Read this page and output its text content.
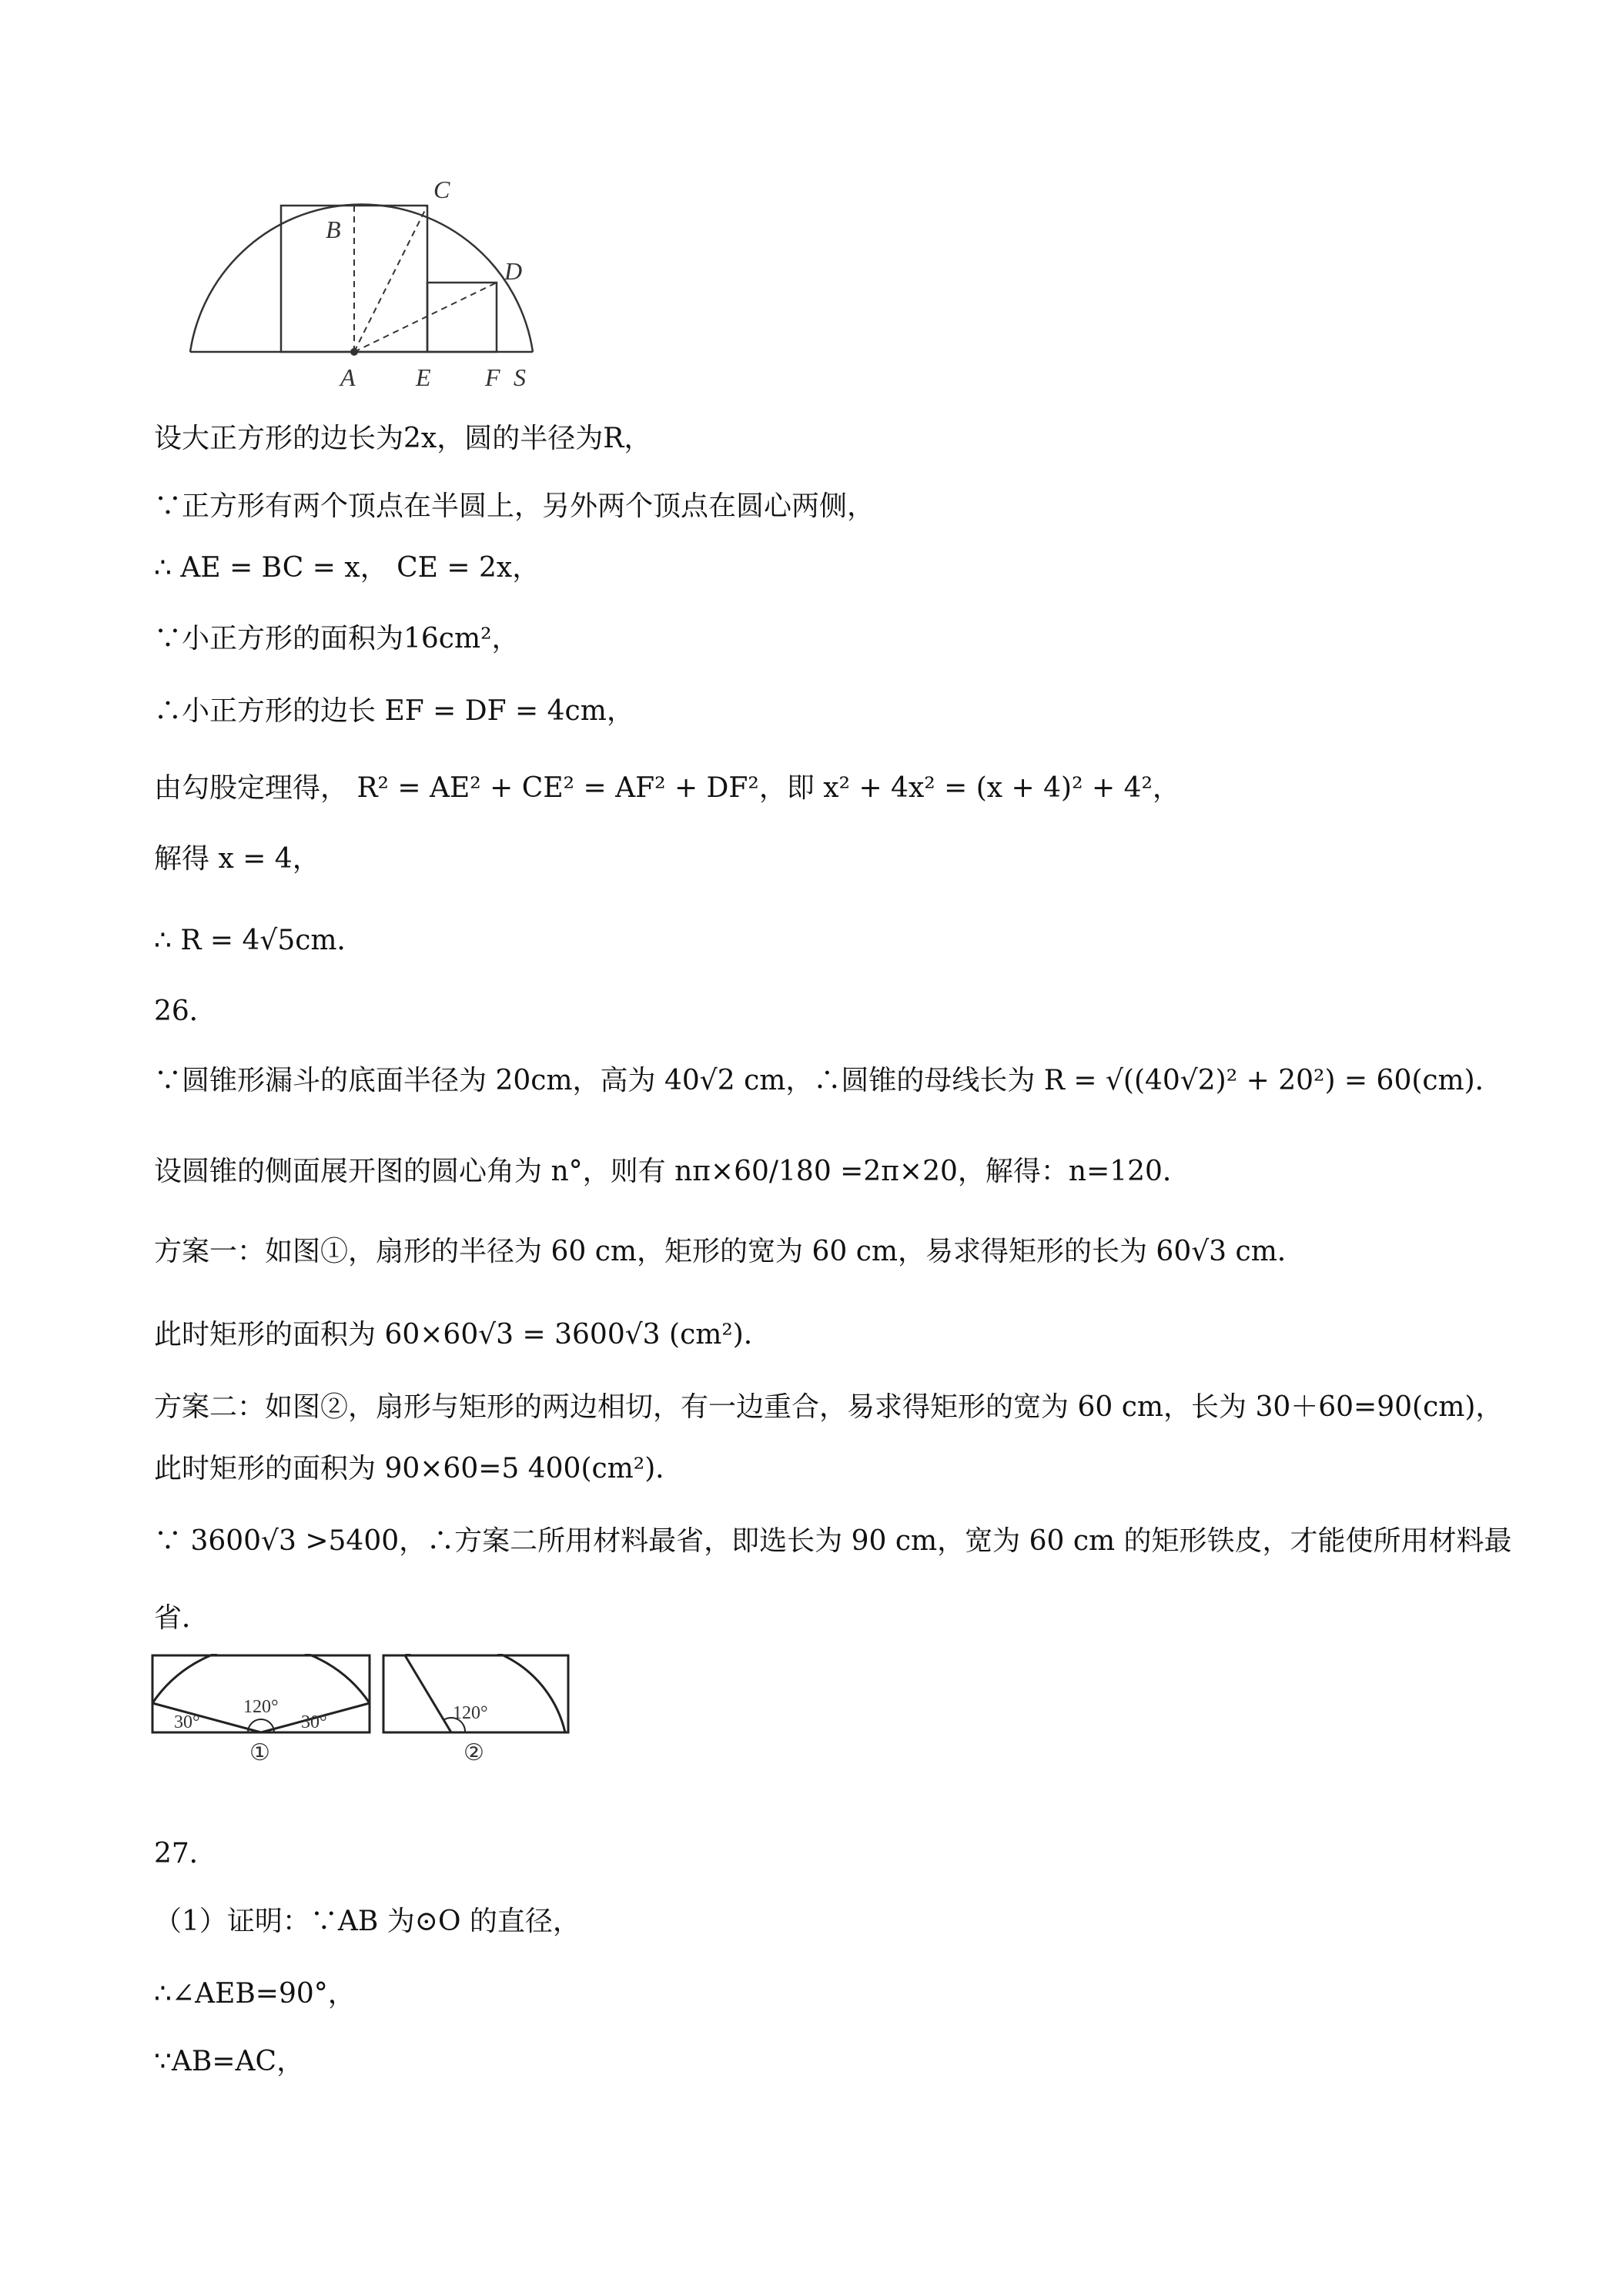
C
B
D
A E F S
设大正方形的边长为2x，圆的半径为R，
∵正方形有两个顶点在半圆上，另外两个顶点在圆心两侧，
∴ AE = BC = x， CE = 2x，
∵小正方形的面积为16cm²，
∴小正方形的边长 EF = DF = 4cm，
由勾股定理得， R² = AE² + CE² = AF² + DF²，即 x² + 4x² = (x + 4)² + 4²，
解得 x = 4，
∴ R = 4√5cm．
26．
∵圆锥形漏斗的底面半径为 20cm，高为 40√2 cm，∴圆锥的母线长为 R = √((40√2)² + 20²) = 60(cm)．
设圆锥的侧面展开图的圆心角为 n°，则有 nπ×60/180 =2π×20，解得：n=120．
方案一：如图①，扇形的半径为 60 cm，矩形的宽为 60 cm，易求得矩形的长为 60√3 cm．
此时矩形的面积为 60×60√3 = 3600√3 (cm²)．
方案二：如图②，扇形与矩形的两边相切，有一边重合，易求得矩形的宽为 60 cm，长为 30＋60=90(cm)，
此时矩形的面积为 90×60=5 400(cm²)．
∵ 3600√3 >5400，∴方案二所用材料最省，即选长为 90 cm，宽为 60 cm 的矩形铁皮，才能使所用材料最
省．
30°
120°
30°
①
120°
②
27．
（1）证明：∵AB 为⊙O 的直径，
∴∠AEB=90°，
∵AB=AC，
